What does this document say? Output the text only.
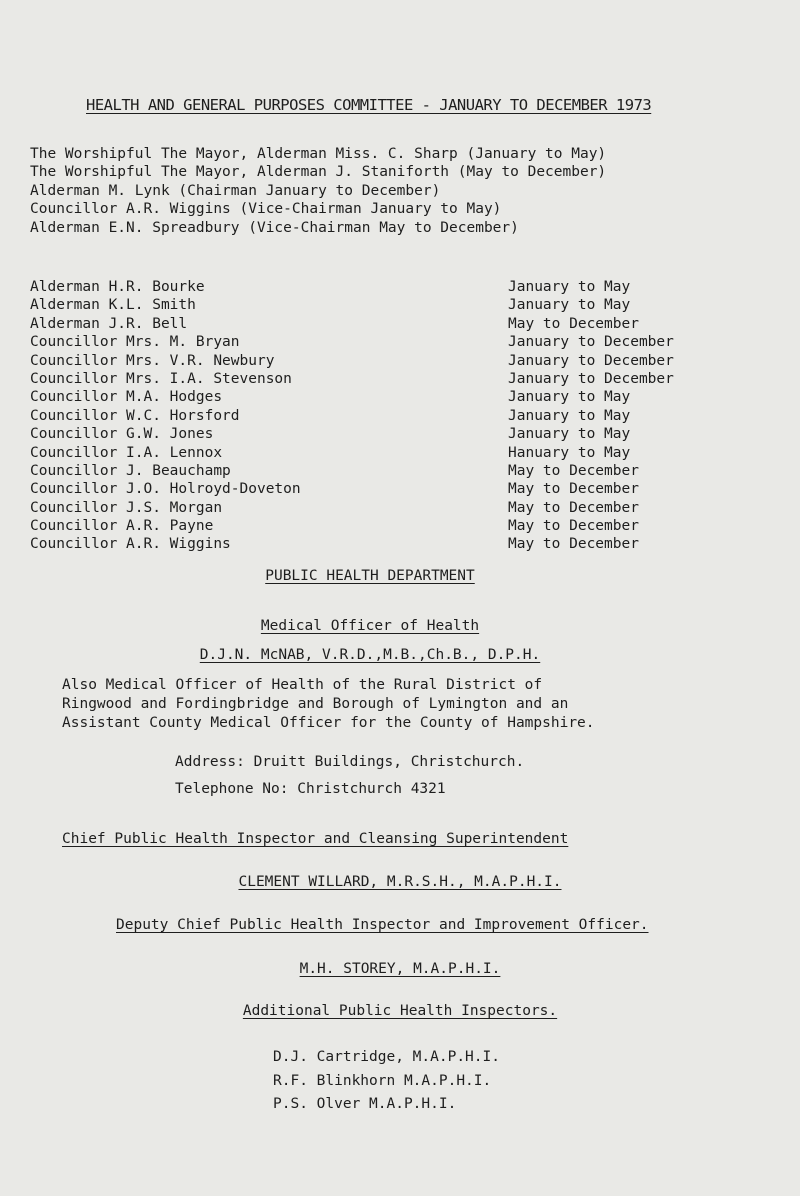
HEALTH AND GENERAL PURPOSES COMMITTEE - JANUARY TO DECEMBER 1973
The Worshipful The Mayor, Alderman Miss. C. Sharp (January to May)
The Worshipful The Mayor, Alderman J. Staniforth (May to December)
Alderman M. Lynk (Chairman January to December)
Councillor A.R. Wiggins (Vice-Chairman January to May)
Alderman E.N. Spreadbury (Vice-Chairman May to December)
Alderman H.R. Bourke	January to May
Alderman K.L. Smith	January to May
Alderman J.R. Bell	May to December
Councillor Mrs. M. Bryan	January to December
Councillor Mrs. V.R. Newbury	January to December
Councillor Mrs. I.A. Stevenson	January to December
Councillor M.A. Hodges	January to May
Councillor W.C. Horsford	January to May
Councillor G.W. Jones	January to May
Councillor I.A. Lennox	Hanuary to May
Councillor J. Beauchamp	May to December
Councillor J.O. Holroyd-Doveton	May to December
Councillor J.S. Morgan	May to December
Councillor A.R. Payne	May to December
Councillor A.R. Wiggins	May to December
PUBLIC HEALTH DEPARTMENT
Medical Officer of Health
D.J.N. McNAB, V.R.D.,M.B.,Ch.B., D.P.H.
Also Medical Officer of Health of the Rural District of
Ringwood and Fordingbridge and Borough of Lymington and an
Assistant County Medical Officer for the County of Hampshire.
Address: Druitt Buildings, Christchurch.
Telephone No: Christchurch 4321
Chief Public Health Inspector and Cleansing Superintendent
CLEMENT WILLARD, M.R.S.H., M.A.P.H.I.
Deputy Chief Public Health Inspector and Improvement Officer.
M.H. STOREY, M.A.P.H.I.
Additional Public Health Inspectors.
D.J. Cartridge, M.A.P.H.I.
R.F. Blinkhorn M.A.P.H.I.
P.S. Olver M.A.P.H.I.
